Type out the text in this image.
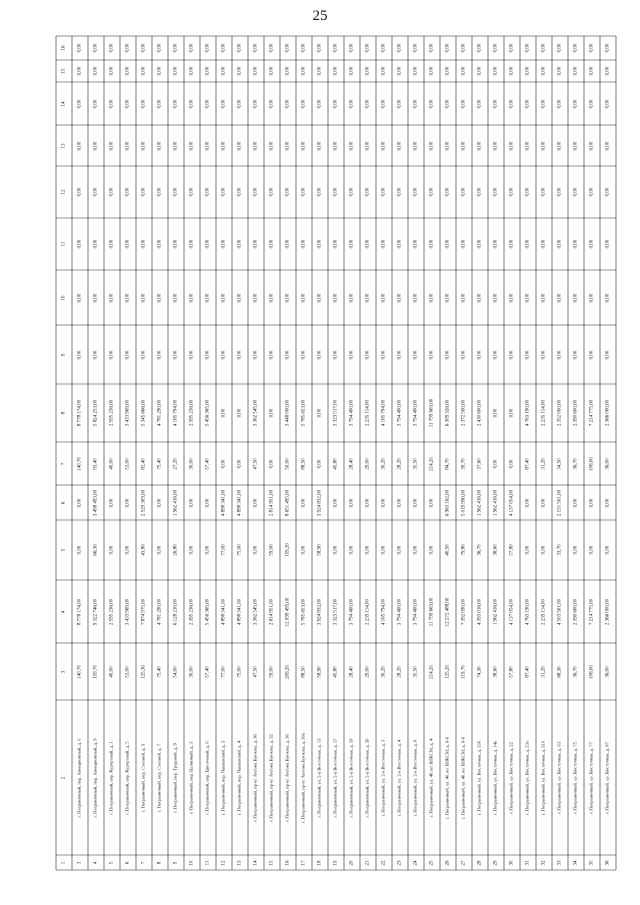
25
1
2
3
4
5
6
7
8
9
10
11
12
13
14
15
16
3
г. Пограничный, пер. Авиационный, д. 6
140,70
8 778 174,00
0,00
0,00
140,70
8 778 174,00
0,00
0,00
0,00
0,00
0,00
0,00
0,00
0,00
4
г. Пограничный, пер. Авиационный, д. 9
159,70
9 322 746,00
66,30
3 498 493,00
93,40
5 824 253,00
0,00
0,00
0,00
0,00
0,00
0,00
0,00
0,00
5
г. Пограничный, пер. Курортный, д. 1
40,00
2 595 236,00
0,00
0,00
40,00
2 595 236,00
0,00
0,00
0,00
0,00
0,00
0,00
0,00
0,00
6
г. Пограничный, пер. Курортный, д. 5
53,00
3 433 969,00
0,00
0,00
53,00
3 433 969,00
0,00
0,00
0,00
0,00
0,00
0,00
0,00
0,00
7
г. Пограничный, пер. Степной, д. 3
125,30
7 874 975,00
43,80
2 529 309,00
82,40
5 345 666,00
0,00
0,00
0,00
0,00
0,00
0,00
0,00
0,00
8
г. Пограничный, пер. Степной, д. 7
75,40
4 781 290,00
0,00
0,00
75,40
4 781 290,00
0,00
0,00
0,00
0,00
0,00
0,00
0,00
0,00
9
г. Пограничный, пер. Трудовой, д. 9
54,00
6 128 210,00
26,80
1 962 416,00
27,20
4 165 794,00
0,00
0,00
0,00
0,00
0,00
0,00
0,00
0,00
10
г. Пограничный, пер. Целинный, д. 3
30,00
2 395 236,00
0,00
0,00
30,00
2 395 236,00
0,00
0,00
0,00
0,00
0,00
0,00
0,00
0,00
11
г. Пограничный, пер. Цветочный, д. 6
57,40
5 456 365,00
0,00
0,00
57,40
5 456 365,00
0,00
0,00
0,00
0,00
0,00
0,00
0,00
0,00
12
г. Пограничный, пер. Чапаевский, д. 3
77,00
4 898 341,00
77,00
4 898 341,00
0,00
0,00
0,00
0,00
0,00
0,00
0,00
0,00
0,00
0,00
13
г. Пограничный, пер. Чапаевский, д. 4
75,00
4 898 341,00
75,00
4 898 341,00
0,00
0,00
0,00
0,00
0,00
0,00
0,00
0,00
0,00
0,00
14
г. Пограничный, пр-кт Антона Буюклы, д. 30
47,50
3 362 545,00
0,00
0,00
47,50
3 362 545,00
0,00
0,00
0,00
0,00
0,00
0,00
0,00
0,00
15
г. Пограничный, пр-кт Антона Буюклы, д. 32
59,00
2 814 951,00
59,00
2 814 951,00
0,00
0,00
0,00
0,00
0,00
0,00
0,00
0,00
0,00
0,00
16
г. Пограничный, пр-кт Антона Буюклы, д. 36
209,20
12 099 495,00
159,20
8 651 495,00
50,00
3 448 000,00
0,00
0,00
0,00
0,00
0,00
0,00
0,00
0,00
17
г. Пограничный, пр-кт Антона Буюклы, д. 36а
88,50
5 785 653,00
0,00
0,00
88,50
5 785 653,00
0,00
0,00
0,00
0,00
0,00
0,00
0,00
0,00
18
г. Пограничный, ул. 2-я Восточная, д. 13
58,90
3 924 832,00
58,90
3 924 832,00
0,00
0,00
0,00
0,00
0,00
0,00
0,00
0,00
0,00
0,00
19
г. Пограничный, ул. 2-я Восточная, д. 17
45,80
3 323 517,00
0,00
0,00
45,80
3 323 517,00
0,00
0,00
0,00
0,00
0,00
0,00
0,00
0,00
20
г. Пограничный, ул. 2-я Восточная, д. 19
28,40
3 794 400,00
0,00
0,00
28,40
3 794 400,00
0,00
0,00
0,00
0,00
0,00
0,00
0,00
0,00
21
г. Пограничный, ул. 2-я Восточная, д. 20
29,00
2 235 114,00
0,00
0,00
29,00
2 235 114,00
0,00
0,00
0,00
0,00
0,00
0,00
0,00
0,00
22
г. Пограничный, ул. 2-я Восточная, д. 3
30,20
4 165 794,00
0,00
0,00
30,20
4 165 794,00
0,00
0,00
0,00
0,00
0,00
0,00
0,00
0,00
23
г. Пограничный, ул. 2-я Восточная, д. 4
28,20
3 794 400,00
0,00
0,00
28,20
3 794 400,00
0,00
0,00
0,00
0,00
0,00
0,00
0,00
0,00
24
г. Пограничный, ул. 2-я Восточная, д. 9
35,50
3 794 400,00
0,00
0,00
35,50
3 794 400,00
0,00
0,00
0,00
0,00
0,00
0,00
0,00
0,00
25
г. Пограничный, ул. 40 лет ВЛКСМ, д. 4
214,20
11 799 663,00
0,00
0,00
214,20
11 799 663,00
0,00
0,00
0,00
0,00
0,00
0,00
0,00
0,00
26
г. Пограничный, ул. 40 лет ВЛКСМ, д. 9-6
125,20
12 272 488,00
40,50
6 963 162,00
84,70
6 309 326,00
0,00
0,00
0,00
0,00
0,00
0,00
0,00
0,00
27
г. Пограничный, ул. 40 лет ВЛКСМ, д. 9-б
119,70
7 392 090,00
79,80
5 019 990,00
39,70
2 372 500,00
0,00
0,00
0,00
0,00
0,00
0,00
0,00
0,00
28
г. Пограничный, ул. Восточная, д. 13б
74,30
4 393 016,00
36,70
1 962 416,00
37,60
2 430 600,00
0,00
0,00
0,00
0,00
0,00
0,00
0,00
0,00
29
г. Пограничный, ул. Восточная, д. 14а
38,60
1 962 416,00
38,60
1 962 416,00
0,00
0,00
0,00
0,00
0,00
0,00
0,00
0,00
0,00
0,00
30
г. Пограничный, ул. Восточная, д. 22
57,80
4 137 054,00
57,80
4 137 054,00
0,00
0,00
0,00
0,00
0,00
0,00
0,00
0,00
0,00
0,00
31
г. Пограничный, ул. Восточная, д. 23а
87,40
4 763 190,00
0,00
0,00
87,40
4 763 190,00
0,00
0,00
0,00
0,00
0,00
0,00
0,00
0,00
32
г. Пограничный, ул. Восточная, д. 31б
31,20
2 235 114,00
0,00
0,00
31,20
2 235 114,00
0,00
0,00
0,00
0,00
0,00
0,00
0,00
0,00
33
г. Пограничный, ул. Восточная, д. 63
68,30
4 503 501,00
33,70
2 151 501,00
34,50
2 352 000,00
0,00
0,00
0,00
0,00
0,00
0,00
0,00
0,00
34
г. Пограничный, ул. Восточная, д. 75
36,70
2 390 600,00
0,00
0,00
36,70
2 390 600,00
0,00
0,00
0,00
0,00
0,00
0,00
0,00
0,00
35
г. Пограничный, ул. Восточная, д. 77
108,00
7 214 775,00
0,00
0,00
108,00
7 214 775,00
0,00
0,00
0,00
0,00
0,00
0,00
0,00
0,00
36
г. Пограничный, ул. Восточная, д. 87
36,00
2 366 000,00
0,00
0,00
36,00
2 366 000,00
0,00
0,00
0,00
0,00
0,00
0,00
0,00
0,00
